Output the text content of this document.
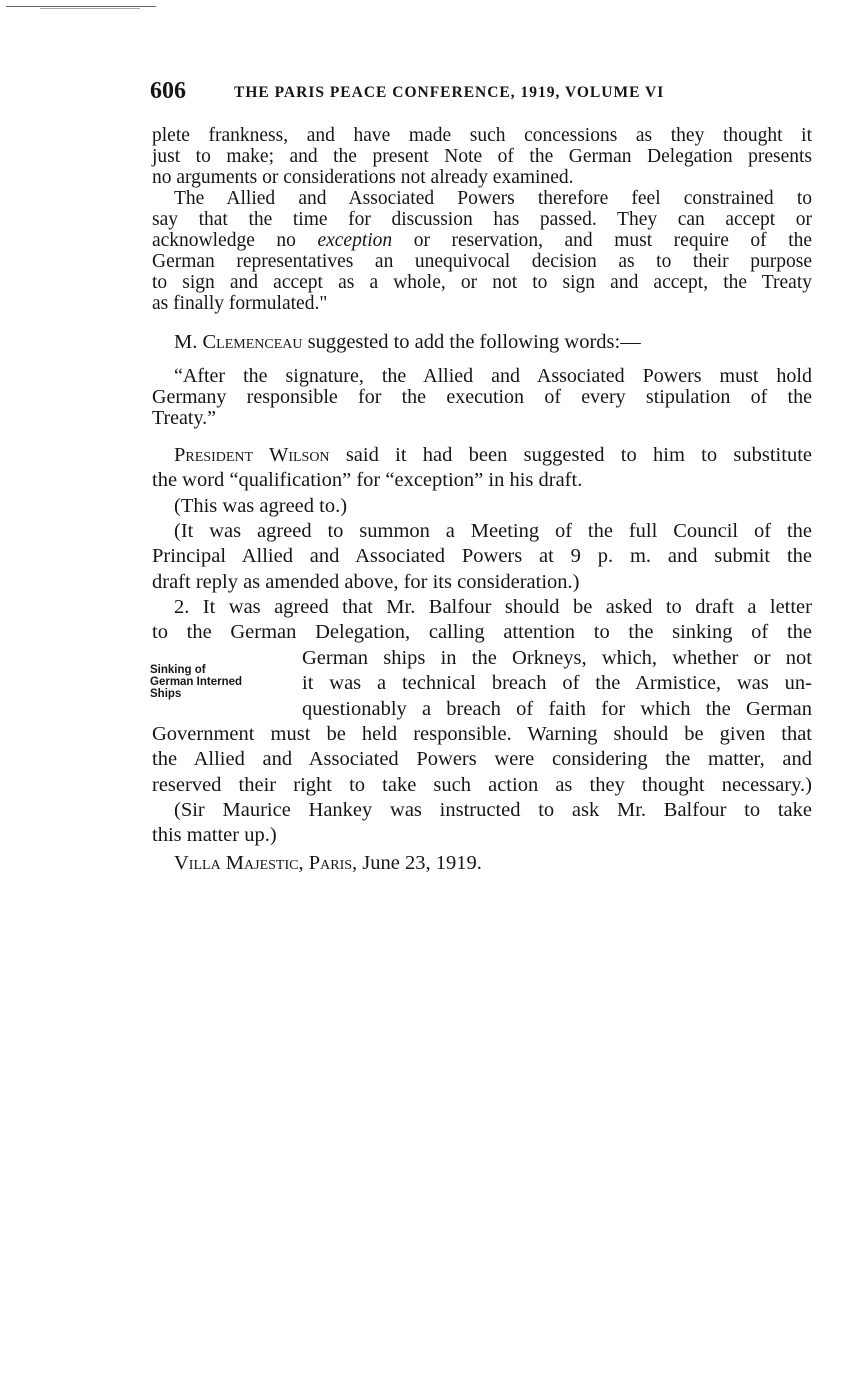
606	THE PARIS PEACE CONFERENCE, 1919, VOLUME VI
plete frankness, and have made such concessions as they thought it
just to make; and the present Note of the German Delegation presents
no arguments or considerations not already examined.
The Allied and Associated Powers therefore feel constrained to
say that the time for discussion has passed. They can accept or
acknowledge no exception or reservation, and must require of the
German representatives an unequivocal decision as to their purpose
to sign and accept as a whole, or not to sign and accept, the Treaty
as finally formulated."
M. Clemenceau suggested to add the following words:—
“After the signature, the Allied and Associated Powers must hold
Germany responsible for the execution of every stipulation of the
Treaty.”
President Wilson said it had been suggested to him to substitute
the word “qualification” for “exception” in his draft.
(This was agreed to.)
(It was agreed to summon a Meeting of the full Council of the
Principal Allied and Associated Powers at 9 p. m. and submit the
draft reply as amended above, for its consideration.)
2. It was agreed that Mr. Balfour should be asked to draft a letter
to the German Delegation, calling attention to the sinking of the
Sinking of
German Interned
Ships
German ships in the Orkneys, which, whether or not
it was a technical breach of the Armistice, was un-
questionably a breach of faith for which the German
Government must be held responsible. Warning should be given that
the Allied and Associated Powers were considering the matter, and
reserved their right to take such action as they thought necessary.)
(Sir Maurice Hankey was instructed to ask Mr. Balfour to take
this matter up.)
Villa Majestic, Paris, June 23, 1919.
